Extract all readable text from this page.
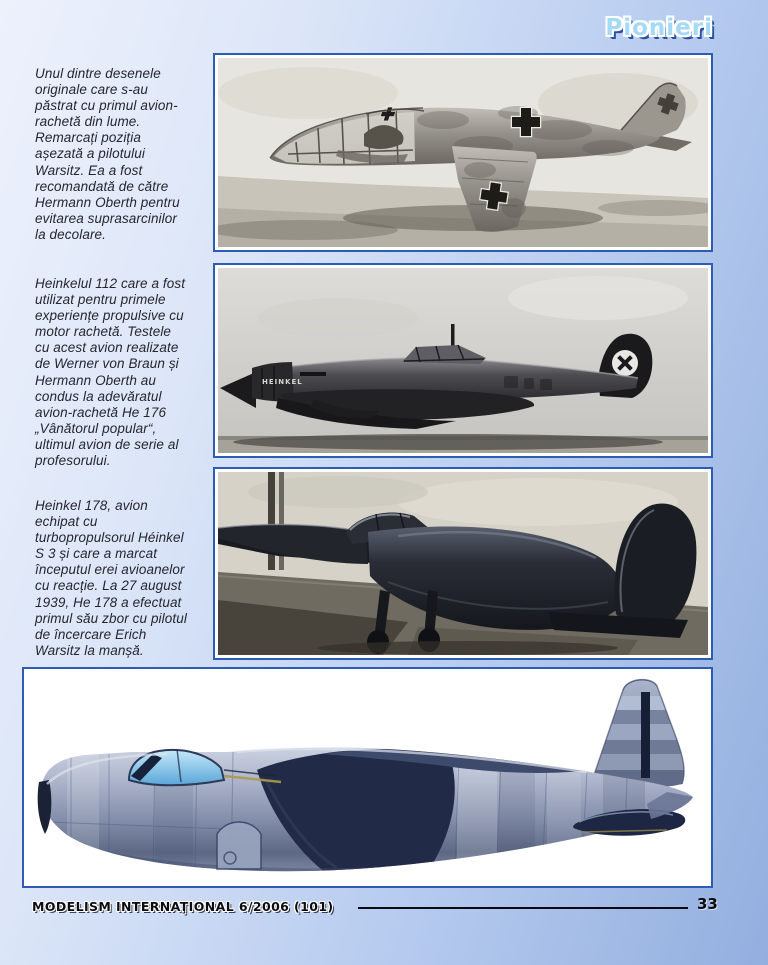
Pionieri
Unul dintre desenele
originale care s-au
păstrat cu primul avion-
rachetă din lume.
Remarcați poziția
așezată a pilotului
Warsitz. Ea a fost
recomandată de către
Hermann Oberth pentru
evitarea suprasarcinilor
la decolare.
Heinkelul 112 care a fost
utilizat pentru primele
experiențe propulsive cu
motor rachetă. Testele
cu acest avion realizate
de Werner von Braun și
Hermann Oberth au
condus la adevăratul
avion-rachetă He 176
„Vânătorul popular“,
ultimul avion de serie al
profesorului.
Heinkel 178, avion
echipat cu
turbopropulsorul Héinkel
S 3 și care a marcat
începutul erei avioanelor
cu reacție. La 27 august
1939, He 178 a efectuat
primul său zbor cu pilotul
de încercare Erich
Warsitz la manșă.
HEINKEL
MODELISM INTERNAŢIONAL 6/2006 (101)	33
